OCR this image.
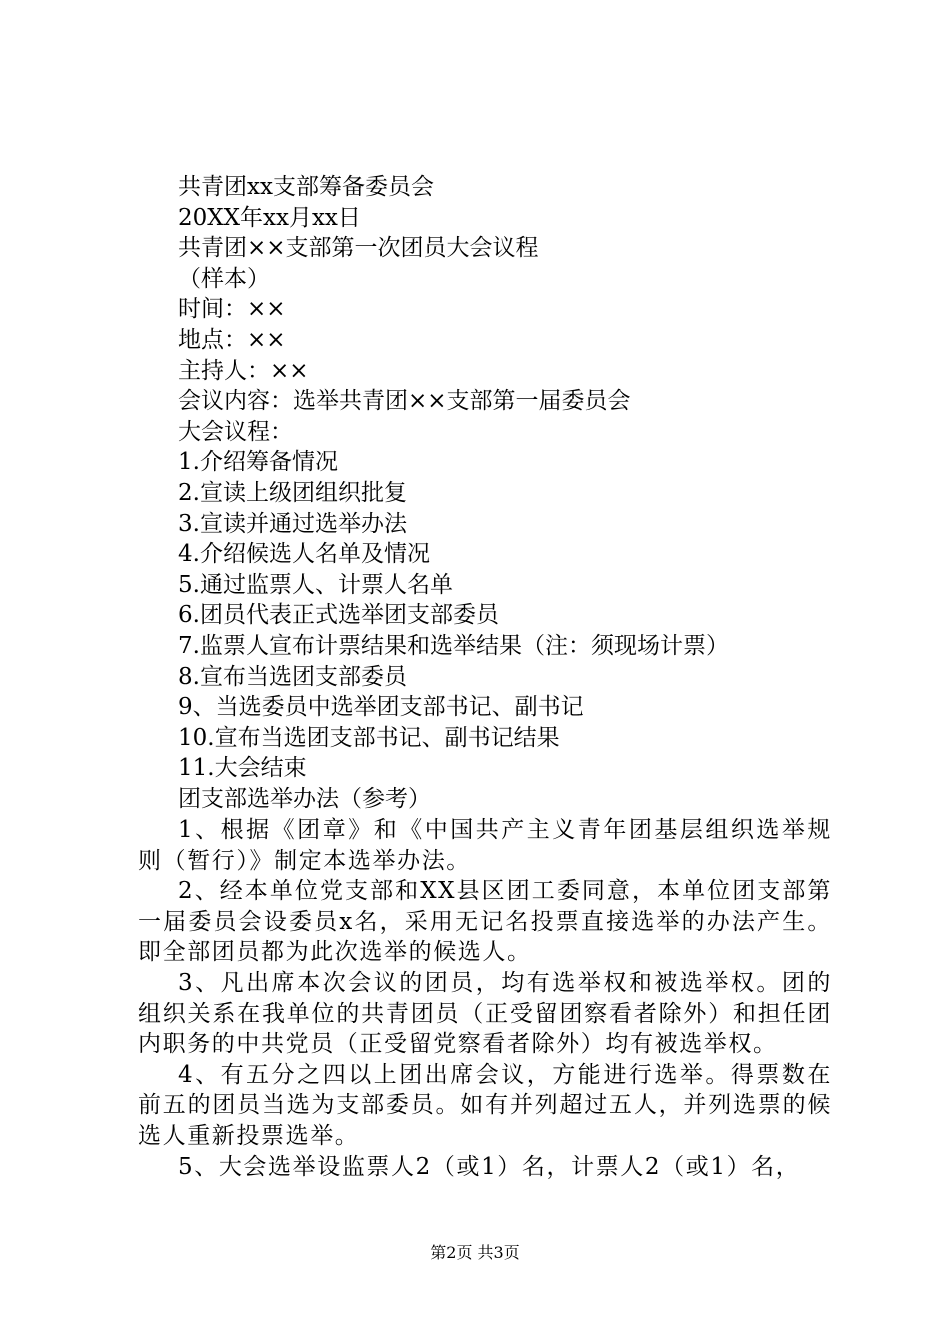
共青团xx支部筹备委员会
20XX年xx月xx日
共青团××支部第一次团员大会议程
（样本）
时间：××
地点：××
主持人：××
会议内容：选举共青团××支部第一届委员会
大会议程：
1.介绍筹备情况
2.宣读上级团组织批复
3.宣读并通过选举办法
4.介绍候选人名单及情况
5.通过监票人、计票人名单
6.团员代表正式选举团支部委员
7.监票人宣布计票结果和选举结果（注：须现场计票）
8.宣布当选团支部委员
9、当选委员中选举团支部书记、副书记
10.宣布当选团支部书记、副书记结果
11.大会结束
团支部选举办法（参考）

1、根据《团章》和《中国共产主义青年团基层组织选举规则（暂行）》制定本选举办法。

2、经本单位党支部和XX县区团工委同意，本单位团支部第一届委员会设委员x名，采用无记名投票直接选举的办法产生。即全部团员都为此次选举的候选人。

3、凡出席本次会议的团员，均有选举权和被选举权。团的组织关系在我单位的共青团员（正受留团察看者除外）和担任团内职务的中共党员（正受留党察看者除外）均有被选举权。

4、有五分之四以上团出席会议，方能进行选举。得票数在前五的团员当选为支部委员。如有并列超过五人，并列选票的候选人重新投票选举。

5、大会选举设监票人2（或1）名，计票人2（或1）名，

第2页 共3页
